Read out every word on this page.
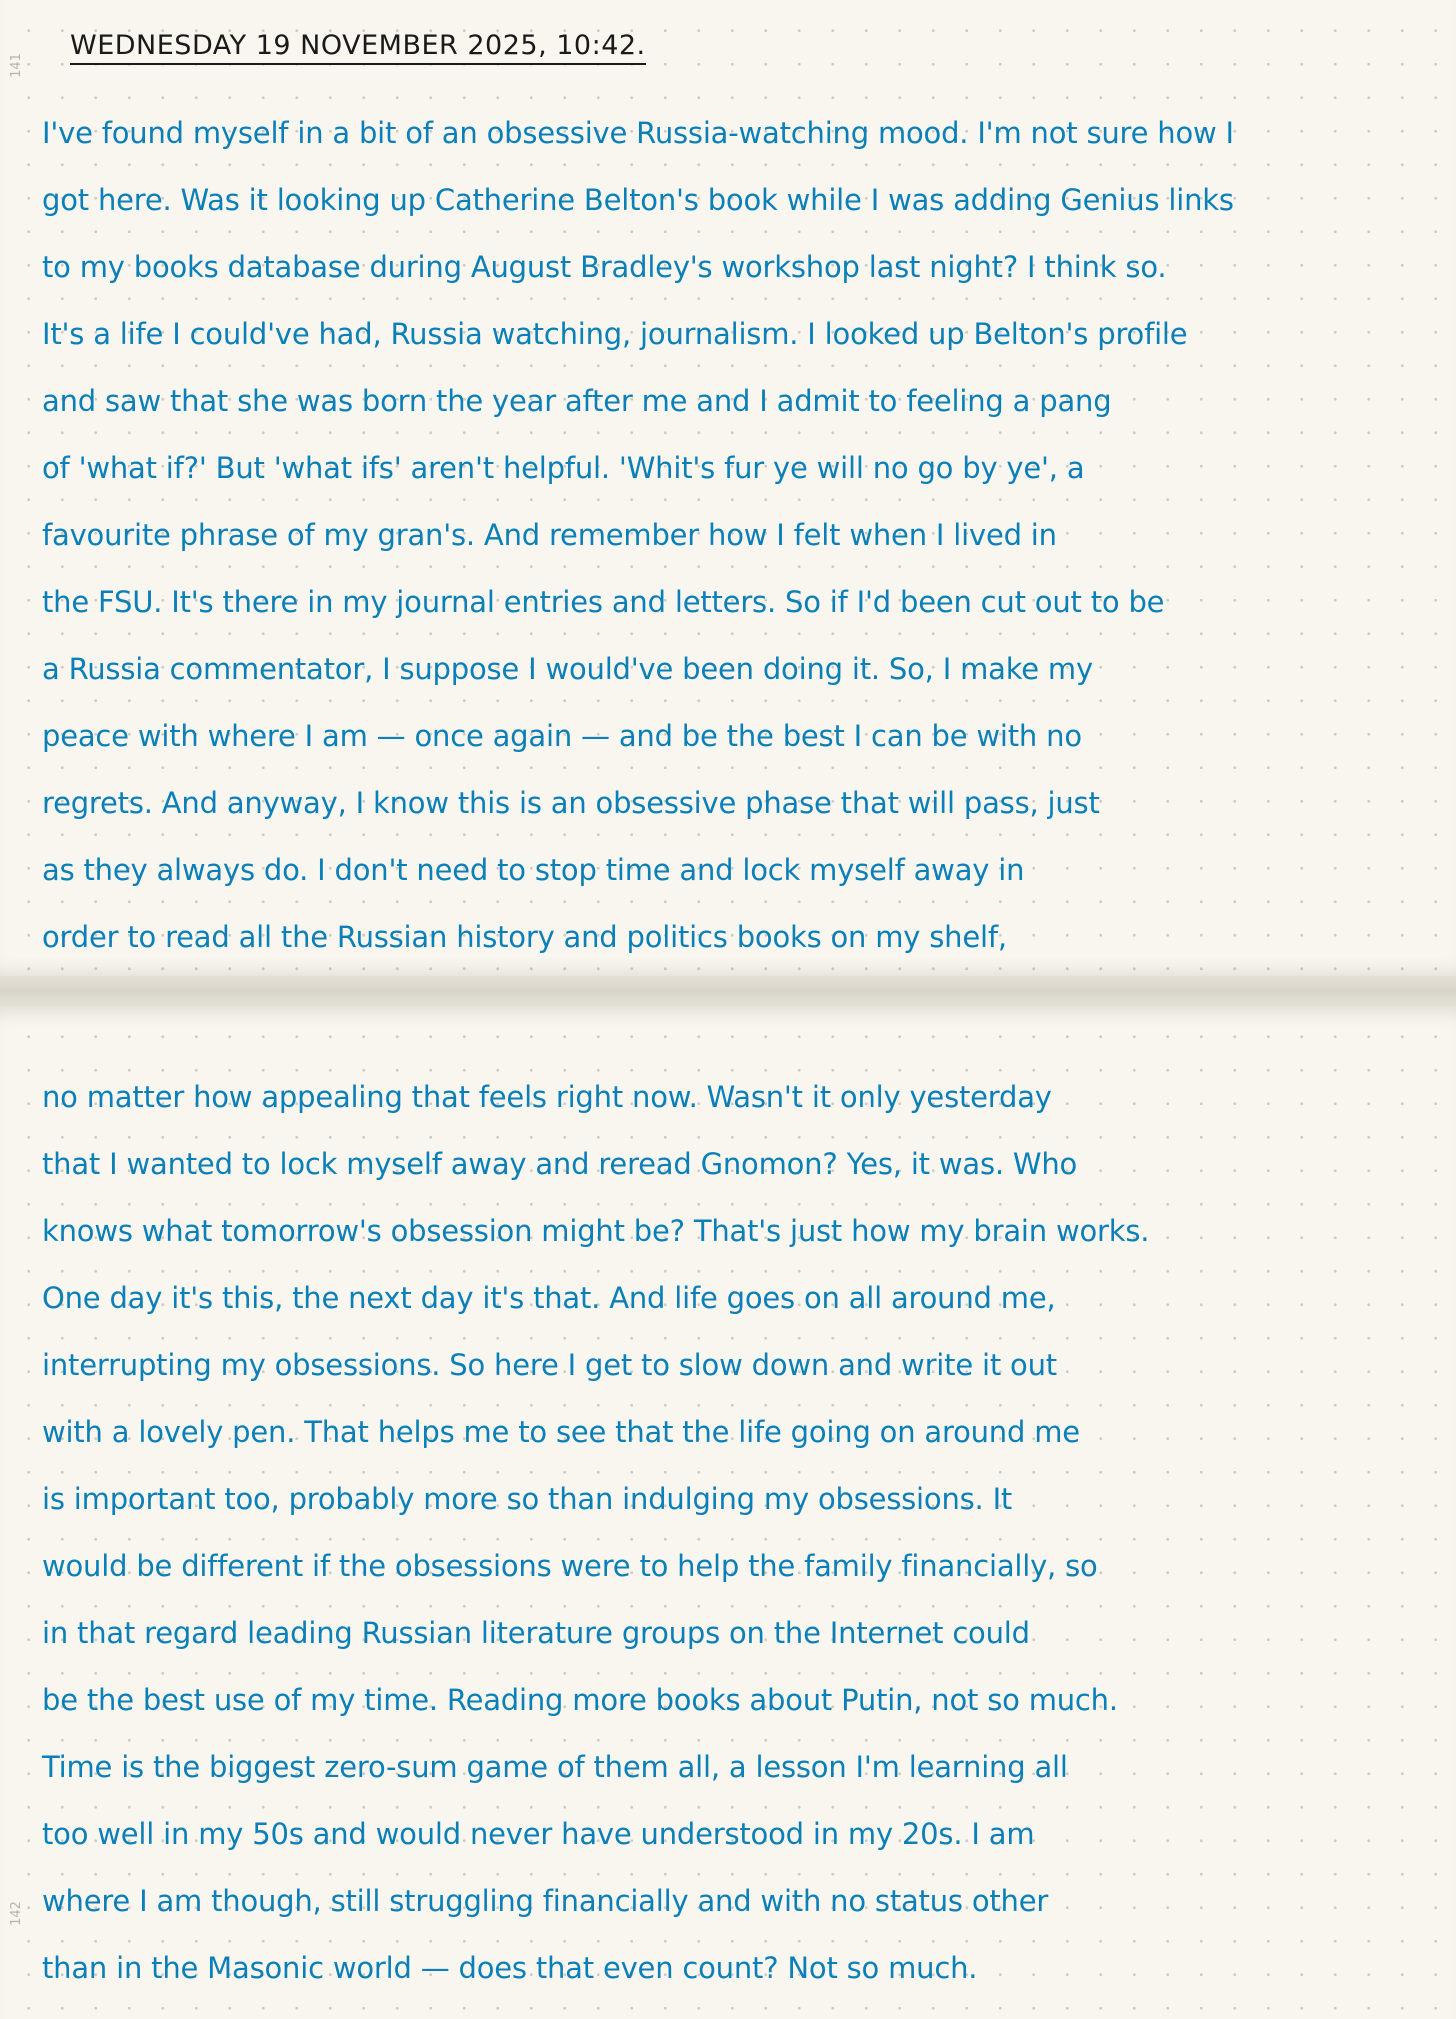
141
WEDNESDAY 19 NOVEMBER 2025, 10:42.
I've found myself in a bit of an obsessive Russia-watching mood. I'm not sure how I
got here. Was it looking up Catherine Belton's book while I was adding Genius links
to my books database during August Bradley's workshop last night? I think so.
It's a life I could've had, Russia watching, journalism. I looked up Belton's profile
and saw that she was born the year after me and I admit to feeling a pang
of 'what if?' But 'what ifs' aren't helpful. 'Whit's fur ye will no go by ye', a
favourite phrase of my gran's. And remember how I felt when I lived in
the FSU. It's there in my journal entries and letters. So if I'd been cut out to be
a Russia commentator, I suppose I would've been doing it. So, I make my
peace with where I am — once again — and be the best I can be with no
regrets. And anyway, I know this is an obsessive phase that will pass, just
as they always do. I don't need to stop time and lock myself away in
order to read all the Russian history and politics books on my shelf,
no matter how appealing that feels right now. Wasn't it only yesterday
that I wanted to lock myself away and reread Gnomon? Yes, it was. Who
knows what tomorrow's obsession might be? That's just how my brain works.
One day it's this, the next day it's that. And life goes on all around me,
interrupting my obsessions. So here I get to slow down and write it out
with a lovely pen. That helps me to see that the life going on around me
is important too, probably more so than indulging my obsessions. It
would be different if the obsessions were to help the family financially, so
in that regard leading Russian literature groups on the Internet could
be the best use of my time. Reading more books about Putin, not so much.
Time is the biggest zero-sum game of them all, a lesson I'm learning all
too well in my 50s and would never have understood in my 20s. I am
where I am though, still struggling financially and with no status other
than in the Masonic world — does that even count? Not so much.
142
